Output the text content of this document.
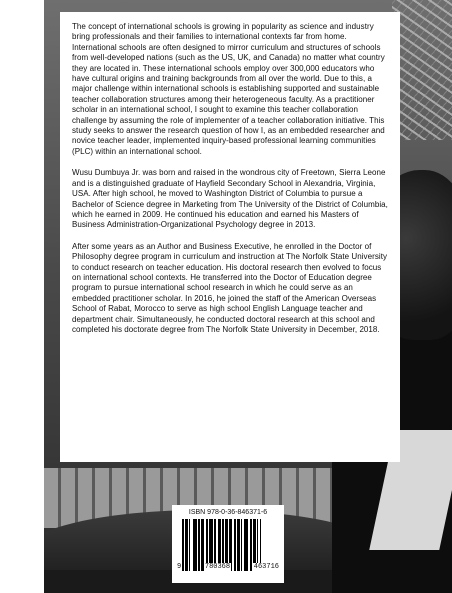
The concept of international schools is growing in popularity as science and industry bring professionals and their families to international contexts far from home. International schools are often designed to mirror curriculum and structures of schools from well-developed nations (such as the US, UK, and Canada) no matter what country they are located in. These international schools employ over 300,000 educators who have cultural origins and training backgrounds from all over the world. Due to this, a major challenge within international schools is establishing supported and sustainable teacher collaboration structures among their heterogeneous faculty. As a practitioner scholar in an international school, I sought to examine this teacher collaboration challenge by assuming the role of implementer of a teacher collaboration initiative. This study seeks to answer the research question of how I, as an embedded researcher and novice teacher leader, implemented inquiry-based professional learning communities (PLC) within an international school.

Wusu Dumbuya Jr. was born and raised in the wondrous city of Freetown, Sierra Leone and is a distinguished graduate of Hayfield Secondary School in Alexandria, Virginia, USA. After high school, he moved to Washington District of Columbia to pursue a Bachelor of Science degree in Marketing from The University of the District of Columbia, which he earned in 2009. He continued his education and earned his Masters of Business Administration-Organizational Psychology degree in 2013.

After some years as an Author and Business Executive, he enrolled in the Doctor of Philosophy degree program in curriculum and instruction at The Norfolk State University to conduct research on teacher education. His doctoral research then evolved to focus on international school contexts. He transferred into the Doctor of Education degree program to pursue international school research in which he could serve as an embedded practitioner scholar. In 2016, he joined the staff of the American Overseas School of Rabat, Morocco to serve as high school English Language teacher and department chair. Simultaneously, he conducted doctoral research at this school and completed his doctorate degree from The Norfolk State University in December, 2018.

ISBN 978-0-36-846371-6
9	780368	463716
